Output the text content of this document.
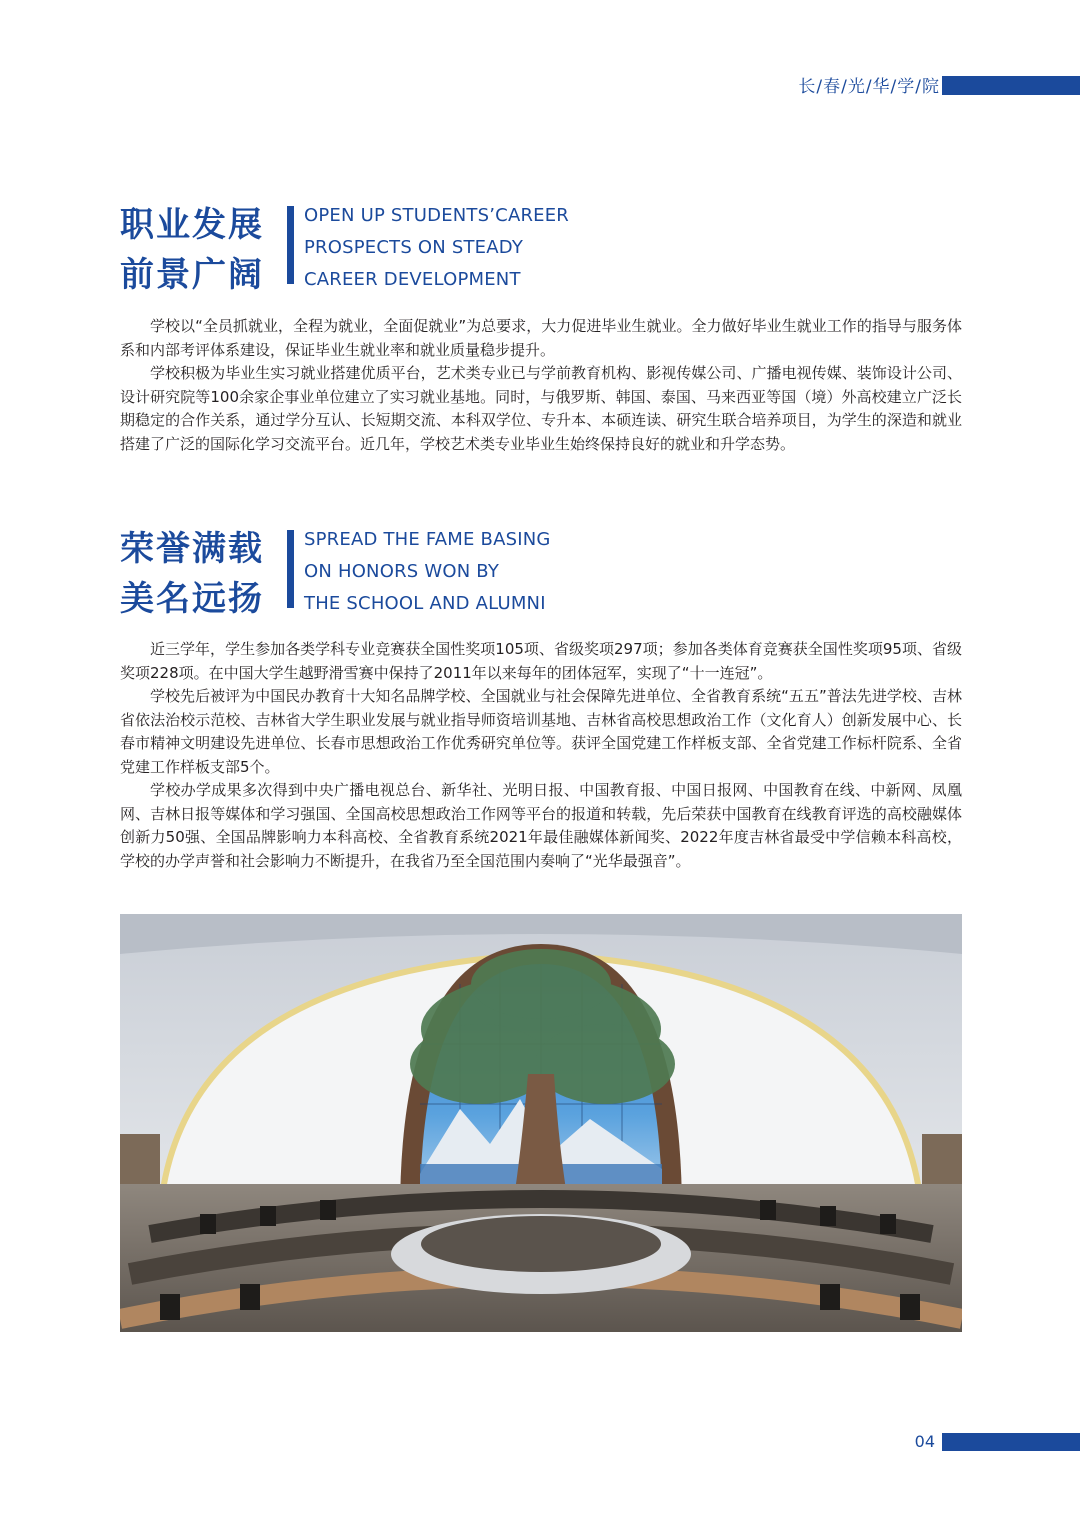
长/春/光/华/学/院
职业发展
前景广阔
OPEN UP STUDENTS’CAREER
PROSPECTS ON STEADY
CAREER DEVELOPMENT

学校以“全员抓就业，全程为就业，全面促就业”为总要求，大力促进毕业生就业。全力做好毕业生就业工作的指导与服务体系和内部考评体系建设，保证毕业生就业率和就业质量稳步提升。

学校积极为毕业生实习就业搭建优质平台，艺术类专业已与学前教育机构、影视传媒公司、广播电视传媒、装饰设计公司、设计研究院等100余家企事业单位建立了实习就业基地。同时，与俄罗斯、韩国、泰国、马来西亚等国（境）外高校建立广泛长期稳定的合作关系，通过学分互认、长短期交流、本科双学位、专升本、本硕连读、研究生联合培养项目，为学生的深造和就业搭建了广泛的国际化学习交流平台。近几年，学校艺术类专业毕业生始终保持良好的就业和升学态势。

荣誉满载
美名远扬
SPREAD THE FAME BASING
ON HONORS WON BY
THE SCHOOL AND ALUMNI

近三学年，学生参加各类学科专业竞赛获全国性奖项105项、省级奖项297项；参加各类体育竞赛获全国性奖项95项、省级奖项228项。在中国大学生越野滑雪赛中保持了2011年以来每年的团体冠军，实现了“十一连冠”。

学校先后被评为中国民办教育十大知名品牌学校、全国就业与社会保障先进单位、全省教育系统“五五”普法先进学校、吉林省依法治校示范校、吉林省大学生职业发展与就业指导师资培训基地、吉林省高校思想政治工作（文化育人）创新发展中心、长春市精神文明建设先进单位、长春市思想政治工作优秀研究单位等。获评全国党建工作样板支部、全省党建工作标杆院系、全省党建工作样板支部5个。

学校办学成果多次得到中央广播电视总台、新华社、光明日报、中国教育报、中国日报网、中国教育在线、中新网、凤凰网、吉林日报等媒体和学习强国、全国高校思想政治工作网等平台的报道和转载，先后荣获中国教育在线教育评选的高校融媒体创新力50强、全国品牌影响力本科高校、全省教育系统2021年最佳融媒体新闻奖、2022年度吉林省最受中学信赖本科高校，学校的办学声誉和社会影响力不断提升，在我省乃至全国范围内奏响了“光华最强音”。

04
